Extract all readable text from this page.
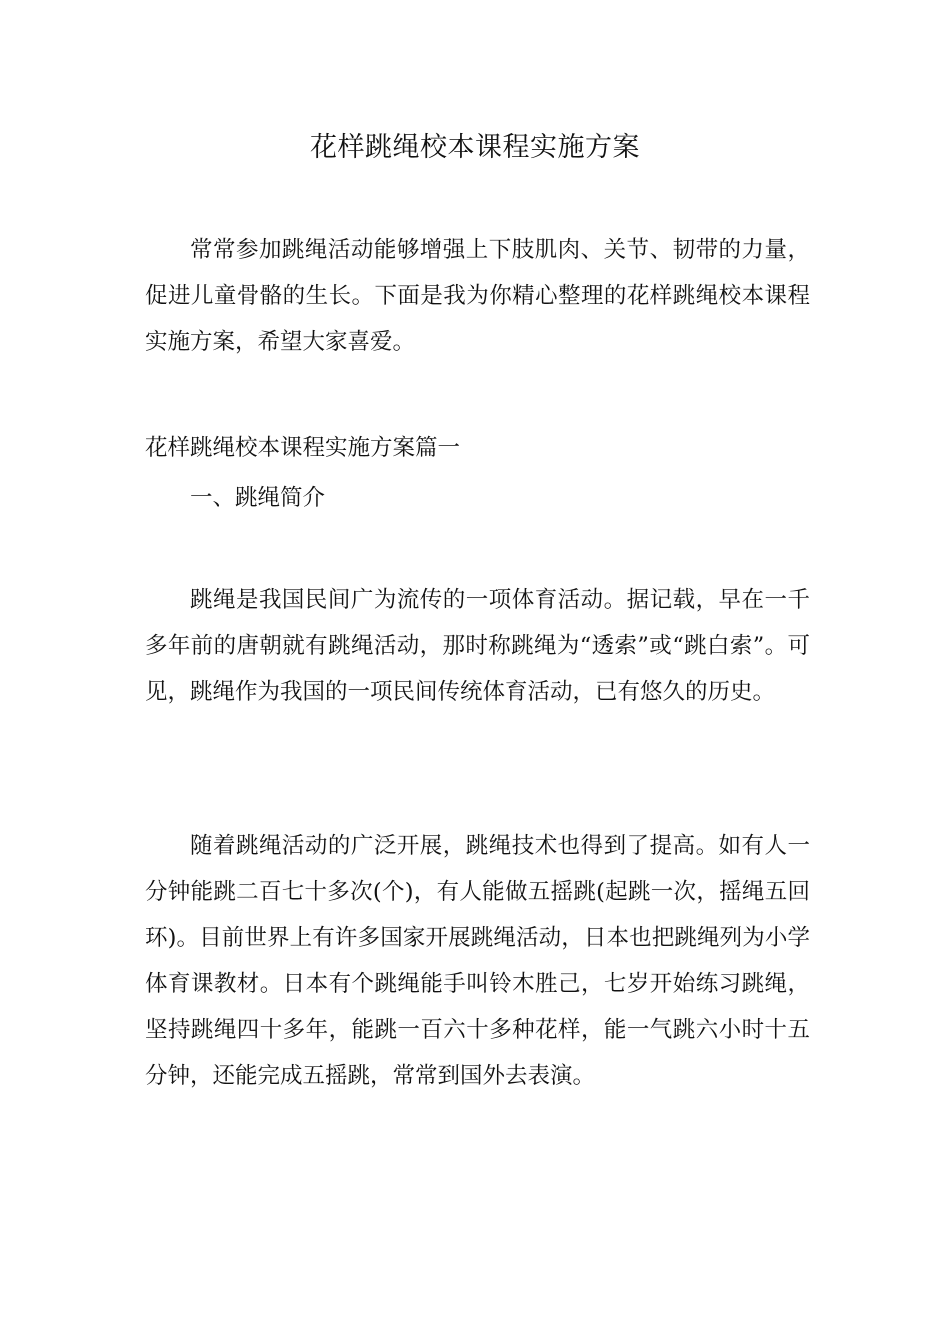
花样跳绳校本课程实施方案

常常参加跳绳活动能够增强上下肢肌肉、关节、韧带的力量，促进儿童骨骼的生长。下面是我为你精心整理的花样跳绳校本课程实施方案，希望大家喜爱。

花样跳绳校本课程实施方案篇一

一、跳绳简介

跳绳是我国民间广为流传的一项体育活动。据记载，早在一千多年前的唐朝就有跳绳活动，那时称跳绳为“透索”或“跳白索”。可见，跳绳作为我国的一项民间传统体育活动，已有悠久的历史。

随着跳绳活动的广泛开展，跳绳技术也得到了提高。如有人一分钟能跳二百七十多次(个)，有人能做五摇跳(起跳一次，摇绳五回环)。目前世界上有许多国家开展跳绳活动，日本也把跳绳列为小学体育课教材。日本有个跳绳能手叫铃木胜己，七岁开始练习跳绳，坚持跳绳四十多年，能跳一百六十多种花样，能一气跳六小时十五分钟，还能完成五摇跳，常常到国外去表演。
